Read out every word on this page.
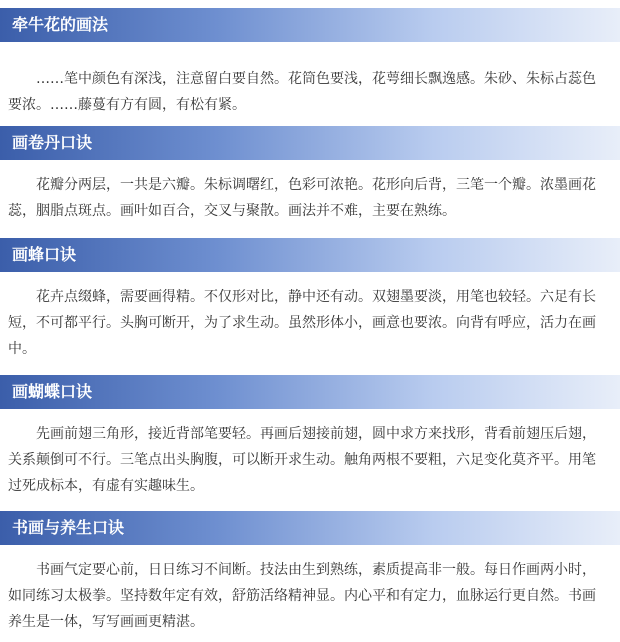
牵牛花的画法

……笔中颜色有深浅，注意留白要自然。花筒色要浅，花萼细长飘逸感。朱砂、朱标占蕊色要浓。……藤蔓有方有圆，有松有紧。

画卷丹口诀

花瓣分两层，一共是六瓣。朱标调曙红，色彩可浓艳。花形向后背，三笔一个瓣。浓墨画花蕊，胭脂点斑点。画叶如百合，交叉与聚散。画法并不难，主要在熟练。

画蜂口诀

花卉点缀蜂，需要画得精。不仅形对比，静中还有动。双翅墨要淡，用笔也较轻。六足有长短，不可都平行。头胸可断开，为了求生动。虽然形体小，画意也要浓。向背有呼应，活力在画中。

画蝴蝶口诀

先画前翅三角形，接近背部笔要轻。再画后翅接前翅，圆中求方来找形，背看前翅压后翅，关系颠倒可不行。三笔点出头胸腹，可以断开求生动。触角两根不要粗，六足变化莫齐平。用笔过死成标本，有虚有实趣味生。

书画与养生口诀

书画气定要心前，日日练习不间断。技法由生到熟练，素质提高非一般。每日作画两小时，如同练习太极拳。坚持数年定有效，舒筋活络精神显。内心平和有定力，血脉运行更自然。书画养生是一体，写写画画更精湛。
